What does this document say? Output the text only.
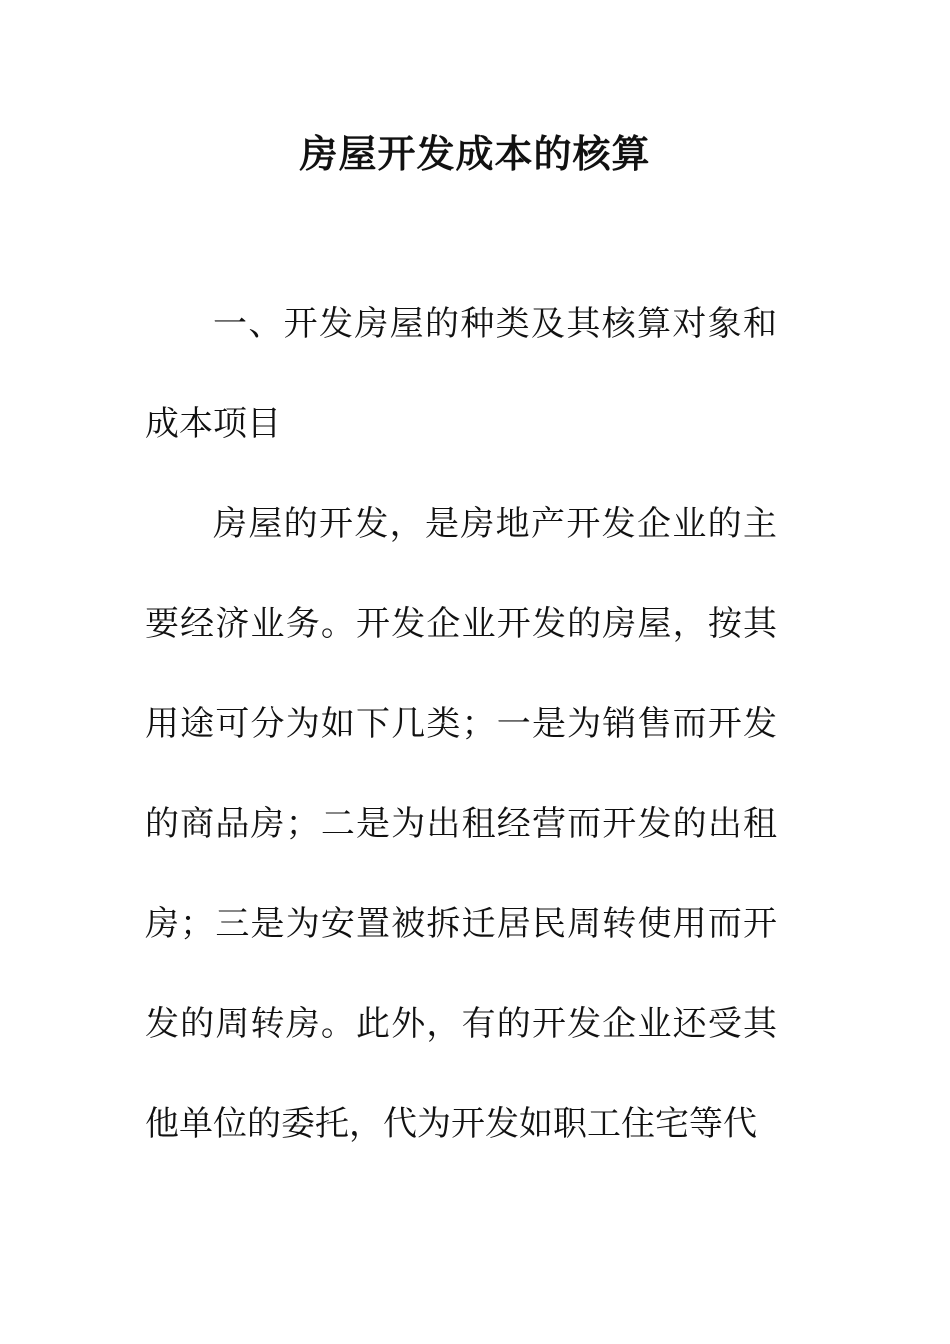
房屋开发成本的核算

一、开发房屋的种类及其核算对象和成本项目

房屋的开发，是房地产开发企业的主要经济业务。开发企业开发的房屋，按其用途可分为如下几类；一是为销售而开发的商品房；二是为出租经营而开发的出租房；三是为安置被拆迁居民周转使用而开发的周转房。此外，有的开发企业还受其他单位的委托，代为开发如职工住宅等代
